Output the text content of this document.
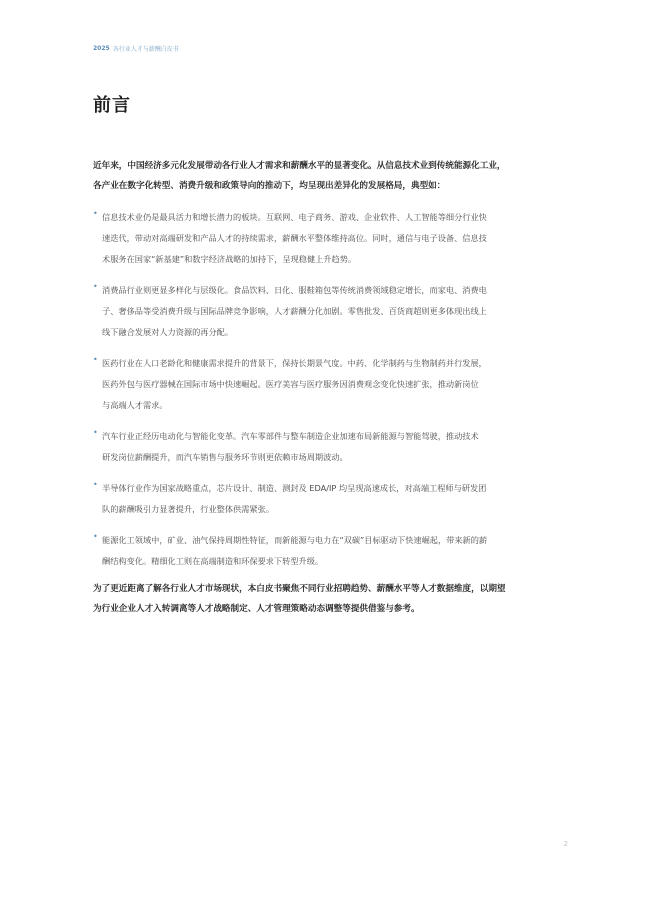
2025 各行业人才与薪酬白皮书
前言

近年来，中国经济多元化发展带动各行业人才需求和薪酬水平的显著变化。从信息技术业到传统能源化工业，
各产业在数字化转型、消费升级和政策导向的推动下，均呈现出差异化的发展格局，典型如：

• 信息技术业仍是最具活力和增长潜力的板块。互联网、电子商务、游戏、企业软件、人工智能等细分行业快
速迭代，带动对高端研发和产品人才的持续需求，薪酬水平整体维持高位。同时，通信与电子设备、信息技
术服务在国家“新基建”和数字经济战略的加持下，呈现稳健上升趋势。
• 消费品行业则更显多样化与层级化。食品饮料、日化、服鞋箱包等传统消费领域稳定增长，而家电、消费电
子、奢侈品等受消费升级与国际品牌竞争影响，人才薪酬分化加剧。零售批发、百货商超则更多体现出线上
线下融合发展对人力资源的再分配。
• 医药行业在人口老龄化和健康需求提升的背景下，保持长期景气度。中药、化学制药与生物制药并行发展，
医药外包与医疗器械在国际市场中快速崛起。医疗美容与医疗服务因消费观念变化快速扩张，推动新岗位
与高端人才需求。
• 汽车行业正经历电动化与智能化变革。汽车零部件与整车制造企业加速布局新能源与智能驾驶，推动技术
研发岗位薪酬提升，而汽车销售与服务环节则更依赖市场周期波动。
• 半导体行业作为国家战略重点，芯片设计、制造、测封及 EDA/IP 均呈现高速成长，对高端工程师与研发团
队的薪酬吸引力显著提升，行业整体供需紧张。
• 能源化工领域中，矿业、油气保持周期性特征，而新能源与电力在“双碳”目标驱动下快速崛起，带来新的薪
酬结构变化。精细化工则在高端制造和环保要求下转型升级。

为了更近距离了解各行业人才市场现状，本白皮书聚焦不同行业招聘趋势、薪酬水平等人才数据维度，以期望
为行业企业人才入转调离等人才战略制定、人才管理策略动态调整等提供借鉴与参考。

2
